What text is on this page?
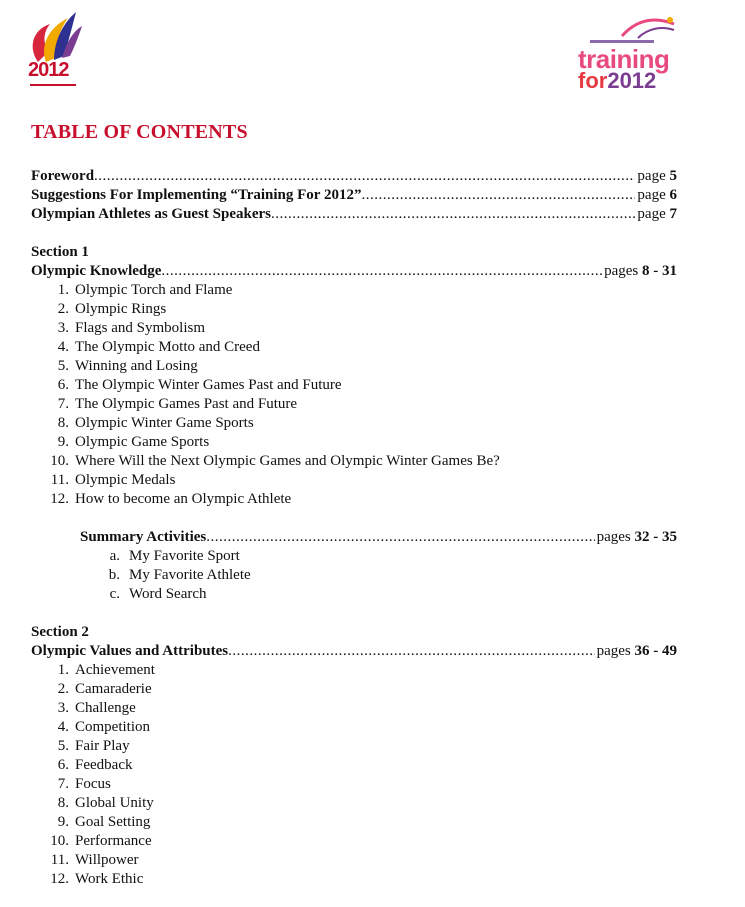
2012	training
for2012
TABLE OF CONTENTS
Foreword .....	page 5
Suggestions For Implementing “Training For 2012” .....	page 6
Olympian Athletes as Guest Speakers .....	page 7
Section 1
Olympic Knowledge .....	pages 8 - 31
1. Olympic Torch and Flame
2. Olympic Rings
3. Flags and Symbolism
4. The Olympic Motto and Creed
5. Winning and Losing
6. The Olympic Winter Games Past and Future
7. The Olympic Games Past and Future
8. Olympic Winter Game Sports
9. Olympic Game Sports
10. Where Will the Next Olympic Games and Olympic Winter Games Be?
11. Olympic Medals
12. How to become an Olympic Athlete
Summary Activities .....	pages 32 - 35
a. My Favorite Sport
b. My Favorite Athlete
c. Word Search
Section 2
Olympic Values and Attributes .....	pages 36 - 49
1. Achievement
2. Camaraderie
3. Challenge
4. Competition
5. Fair Play
6. Feedback
7. Focus
8. Global Unity
9. Goal Setting
10. Performance
11. Willpower
12. Work Ethic
